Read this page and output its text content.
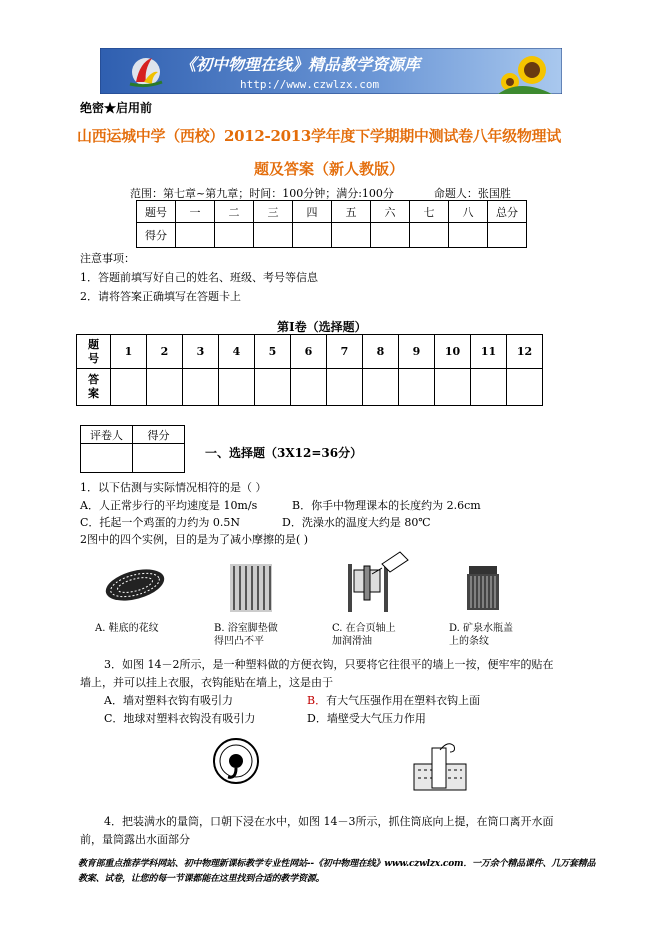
《初中物理在线》精品教学资源库
http://www.czwlzx.com
绝密★启用前
山西运城中学（西校）2012-2013学年度下学期期中测试卷八年级物理试
题及答案（新人教版）
范围：第七章~第九章；时间：100分钟；满分:100分	命题人：张国胜
题号	一	二	三	四	五	六	七	八	总分
得分									
注意事项：
1．答题前填写好自己的姓名、班级、考号等信息
2．请将答案正确填写在答题卡上
第I卷（选择题）
题号	1	2	3	4	5	6	7	8	9	10	11	12
答案												
评卷人	得分

一、选择题（3X12=36分）
1．以下估测与实际情况相符的是（ ）
A．人正常步行的平均速度是 10m/s	B．你手中物理课本的长度约为 2.6cm
C．托起一个鸡蛋的力约为 0.5N	D．洗澡水的温度大约是 80℃
2图中的四个实例，目的是为了减小摩擦的是( )
A. 鞋底的花纹	B. 浴室脚垫做
得凹凸不平
C. 在合页轴上
加润滑油
D. 矿泉水瓶盖
上的条纹
3．如图 14－2所示，是一种塑料做的方便衣钩，只要将它往很平的墙上一按，便牢牢的贴在
墙上，并可以挂上衣服，衣钩能贴在墙上，这是由于
A．墙对塑料衣钩有吸引力	B．有大气压强作用在塑料衣钩上面
C．地球对塑料衣钩没有吸引力	D．墙壁受大气压力作用
4．把装满水的量筒，口朝下浸在水中，如图 14－3所示，抓住筒底向上提，在筒口离开水面
前，量筒露出水面部分
教育部重点推荐学科网站、初中物理新课标教学专业性网站--《初中物理在线》www.czwlzx.com．一万余个精品课件、几万套精品教案、试卷，让您的每一节课都能在这里找到合适的教学资源。
